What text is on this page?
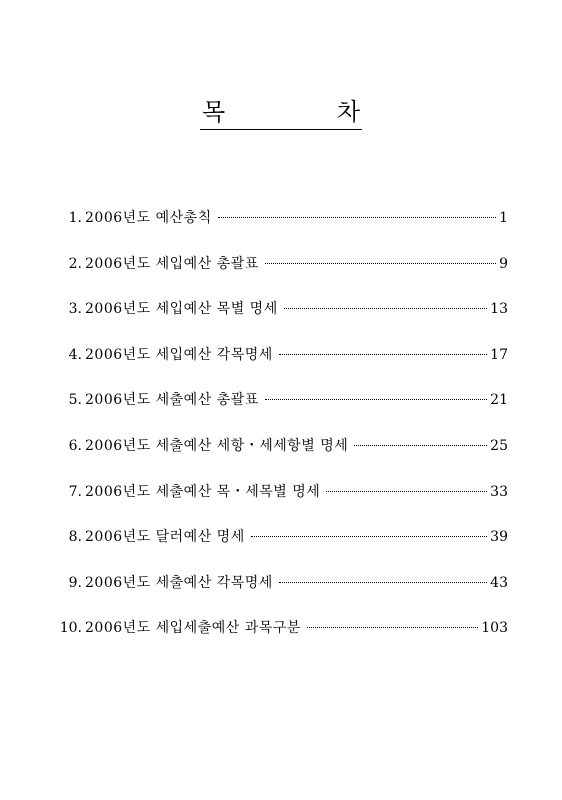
목	차
1. 2006년도 예산총칙	1
2. 2006년도 세입예산 총괄표	9
3. 2006년도 세입예산 목별 명세	13
4. 2006년도 세입예산 각목명세	17
5. 2006년도 세출예산 총괄표	21
6. 2006년도 세출예산 세항・세세항별 명세	25
7. 2006년도 세출예산 목・세목별 명세	33
8. 2006년도 달러예산 명세	39
9. 2006년도 세출예산 각목명세	43
10. 2006년도 세입세출예산 과목구분	103
